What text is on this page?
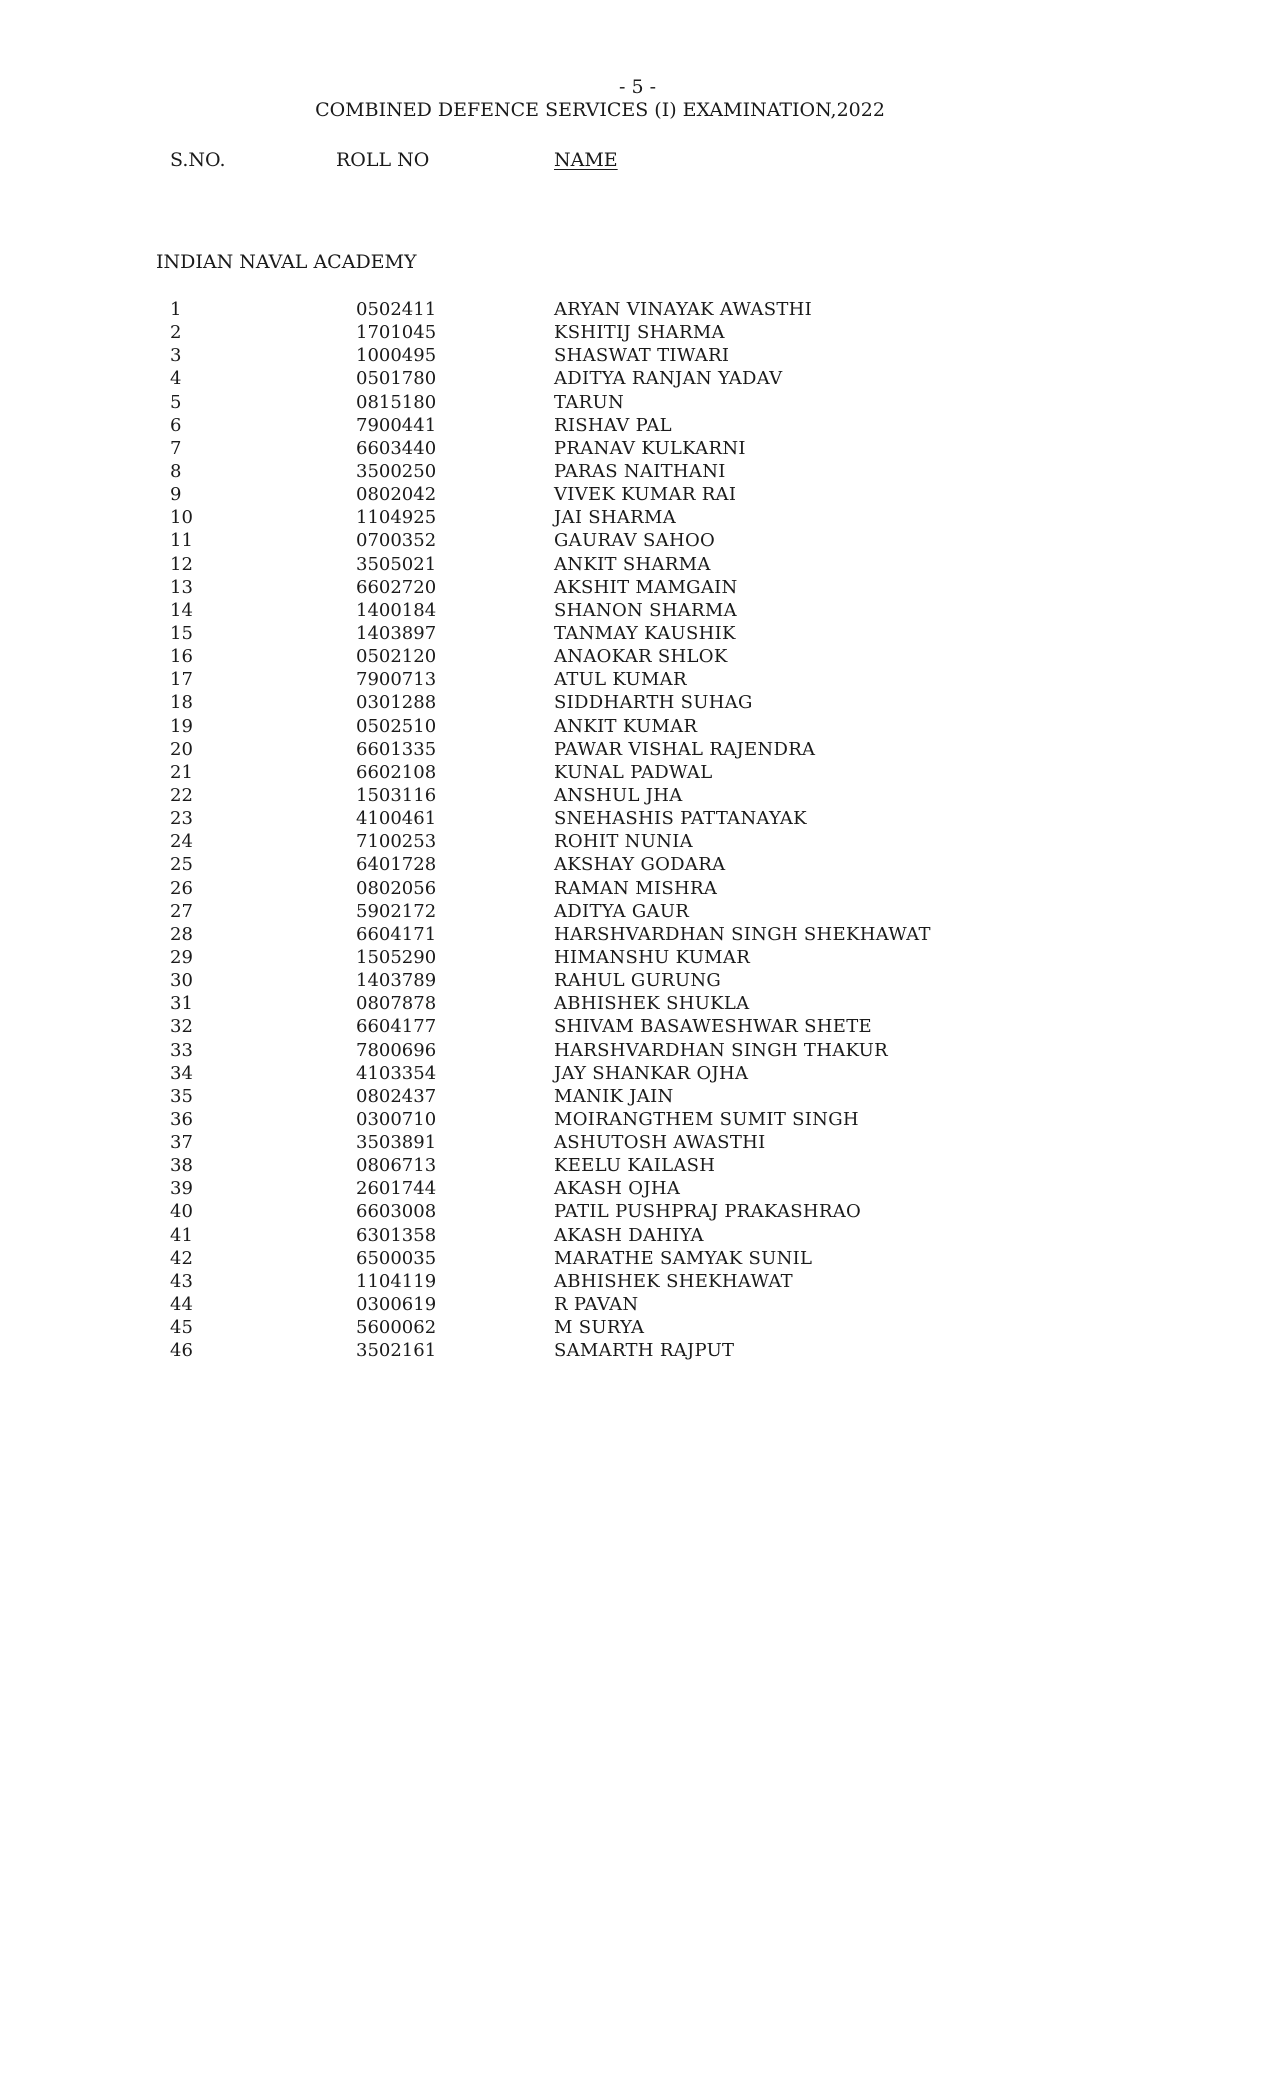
- 5 -
COMBINED DEFENCE SERVICES (I) EXAMINATION,2022
S.NO.	ROLL NO	NAME
INDIAN NAVAL ACADEMY
1	0502411	ARYAN VINAYAK AWASTHI
2	1701045	KSHITIJ SHARMA
3	1000495	SHASWAT TIWARI
4	0501780	ADITYA RANJAN YADAV
5	0815180	TARUN
6	7900441	RISHAV PAL
7	6603440	PRANAV KULKARNI
8	3500250	PARAS NAITHANI
9	0802042	VIVEK KUMAR RAI
10	1104925	JAI SHARMA
11	0700352	GAURAV SAHOO
12	3505021	ANKIT SHARMA
13	6602720	AKSHIT MAMGAIN
14	1400184	SHANON SHARMA
15	1403897	TANMAY KAUSHIK
16	0502120	ANAOKAR SHLOK
17	7900713	ATUL KUMAR
18	0301288	SIDDHARTH SUHAG
19	0502510	ANKIT KUMAR
20	6601335	PAWAR VISHAL RAJENDRA
21	6602108	KUNAL PADWAL
22	1503116	ANSHUL JHA
23	4100461	SNEHASHIS PATTANAYAK
24	7100253	ROHIT NUNIA
25	6401728	AKSHAY GODARA
26	0802056	RAMAN MISHRA
27	5902172	ADITYA GAUR
28	6604171	HARSHVARDHAN SINGH SHEKHAWAT
29	1505290	HIMANSHU KUMAR
30	1403789	RAHUL GURUNG
31	0807878	ABHISHEK SHUKLA
32	6604177	SHIVAM BASAWESHWAR SHETE
33	7800696	HARSHVARDHAN SINGH THAKUR
34	4103354	JAY SHANKAR OJHA
35	0802437	MANIK JAIN
36	0300710	MOIRANGTHEM SUMIT SINGH
37	3503891	ASHUTOSH AWASTHI
38	0806713	KEELU KAILASH
39	2601744	AKASH OJHA
40	6603008	PATIL PUSHPRAJ PRAKASHRAO
41	6301358	AKASH DAHIYA
42	6500035	MARATHE SAMYAK SUNIL
43	1104119	ABHISHEK SHEKHAWAT
44	0300619	R PAVAN
45	5600062	M SURYA
46	3502161	SAMARTH RAJPUT
